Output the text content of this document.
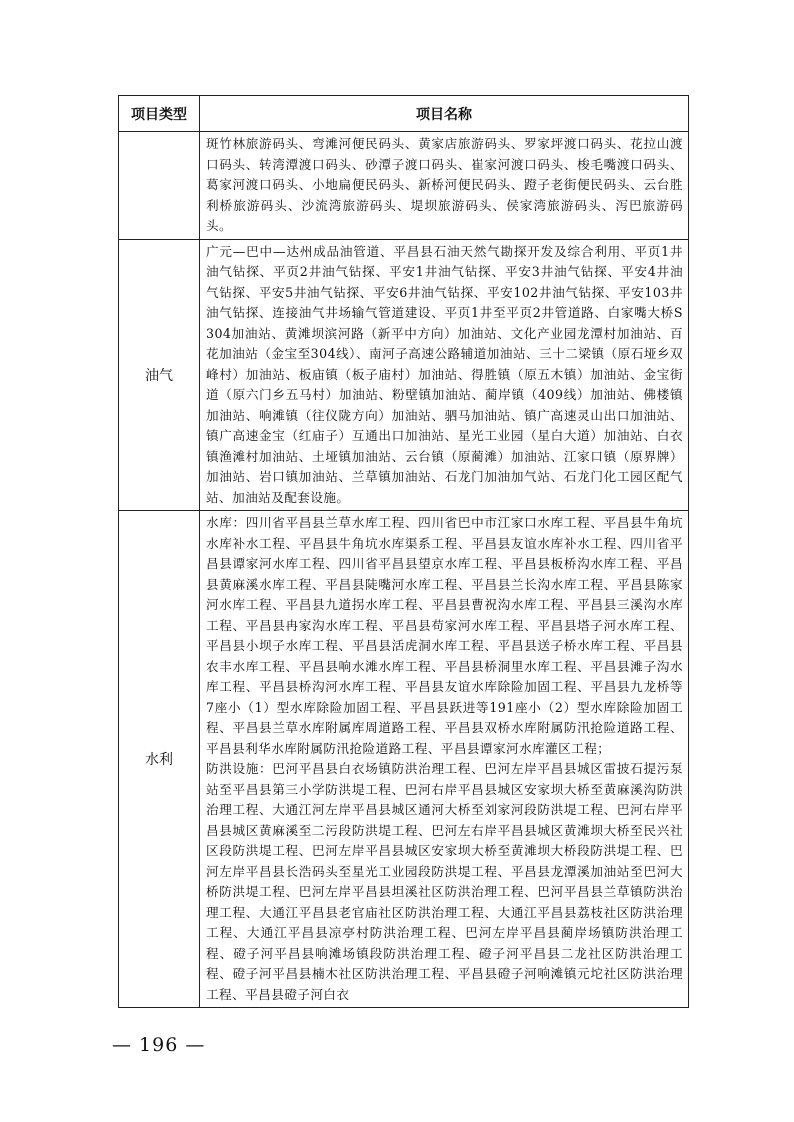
项目类型	项目名称

	斑竹林旅游码头、弯滩河便民码头、黄家店旅游码头、罗家坪渡口码头、花拉山渡口码头、转湾潭渡口码头、砂潭子渡口码头、崔家河渡口码头、梭毛嘴渡口码头、葛家河渡口码头、小地扁便民码头、新桥河便民码头、蹬子老街便民码头、云台胜利桥旅游码头、沙流湾旅游码头、堤坝旅游码头、侯家湾旅游码头、泻巴旅游码头。

油气	广元—巴中—达州成品油管道、平昌县石油天然气勘探开发及综合利用、平页1井油气钻探、平页2井油气钻探、平安1井油气钻探、平安3井油气钻探、平安4井油气钻探、平安5井油气钻探、平安6井油气钻探、平安102井油气钻探、平安103井油气钻探、连接油气井场输气管道建设、平页1井至平页2井管道路、白家嘴大桥S304加油站、黄滩坝滨河路（新平中方向）加油站、文化产业园龙潭村加油站、百花加油站（金宝至304线）、南河子高速公路辅道加油站、三十二梁镇（原石垭乡双峰村）加油站、板庙镇（板子庙村）加油站、得胜镇（原五木镇）加油站、金宝街道（原六门乡五马村）加油站、粉壁镇加油站、蔺岸镇（409线）加油站、佛楼镇加油站、响滩镇（往仪陇方向）加油站、驷马加油站、镇广高速灵山出口加油站、镇广高速金宝（红庙子）互通出口加油站、星光工业园（星白大道）加油站、白衣镇渔滩村加油站、土垭镇加油站、云台镇（原蔺滩）加油站、江家口镇（原界牌）加油站、岩口镇加油站、兰草镇加油站、石龙门加油加气站、石龙门化工园区配气站、加油站及配套设施。

水利	水库：四川省平昌县兰草水库工程、四川省巴中市江家口水库工程、平昌县牛角坑水库补水工程、平昌县牛角坑水库渠系工程、平昌县友谊水库补水工程、四川省平昌县谭家河水库工程、四川省平昌县望京水库工程、平昌县板桥沟水库工程、平昌县黄麻溪水库工程、平昌县陡嘴河水库工程、平昌县兰长沟水库工程、平昌县陈家河水库工程、平昌县九道拐水库工程、平昌县曹祝沟水库工程、平昌县三溪沟水库工程、平昌县冉家沟水库工程、平昌县苟家河水库工程、平昌县塔子河水库工程、平昌县小坝子水库工程、平昌县活虎洞水库工程、平昌县送子桥水库工程、平昌县农丰水库工程、平昌县响水滩水库工程、平昌县桥洞里水库工程、平昌县滩子沟水库工程、平昌县桥沟河水库工程、平昌县友谊水库除险加固工程、平昌县九龙桥等7座小（1）型水库除险加固工程、平昌县跃进等191座小（2）型水库除险加固工程、平昌县兰草水库附属库周道路工程、平昌县双桥水库附属防汛抢险道路工程、平昌县利华水库附属防汛抢险道路工程、平昌县谭家河水库灌区工程；

防洪设施：巴河平昌县白衣场镇防洪治理工程、巴河左岸平昌县城区雷披石提污泵站至平昌县第三小学防洪堤工程、巴河右岸平昌县城区安家坝大桥至黄麻溪沟防洪治理工程、大通江河左岸平昌县城区通河大桥至刘家河段防洪堤工程、巴河右岸平昌县城区黄麻溪至二污段防洪堤工程、巴河左右岸平昌县城区黄滩坝大桥至民兴社区段防洪堤工程、巴河左岸平昌县城区安家坝大桥至黄滩坝大桥段防洪堤工程、巴河左岸平昌县长浩码头至星光工业园段防洪堤工程、平昌县龙潭溪加油站至巴河大桥防洪堤工程、巴河左岸平昌县坦溪社区防洪治理工程、巴河平昌县兰草镇防洪治理工程、大通江平昌县老官庙社区防洪治理工程、大通江平昌县荔枝社区防洪治理工程、大通江平昌县凉亭村防洪治理工程、巴河左岸平昌县蔺岸场镇防洪治理工程、磴子河平昌县响滩场镇段防洪治理工程、磴子河平昌县二龙社区防洪治理工程、磴子河平昌县楠木社区防洪治理工程、平昌县磴子河响滩镇元坨社区防洪治理工程、平昌县磴子河白衣

— 196 —
